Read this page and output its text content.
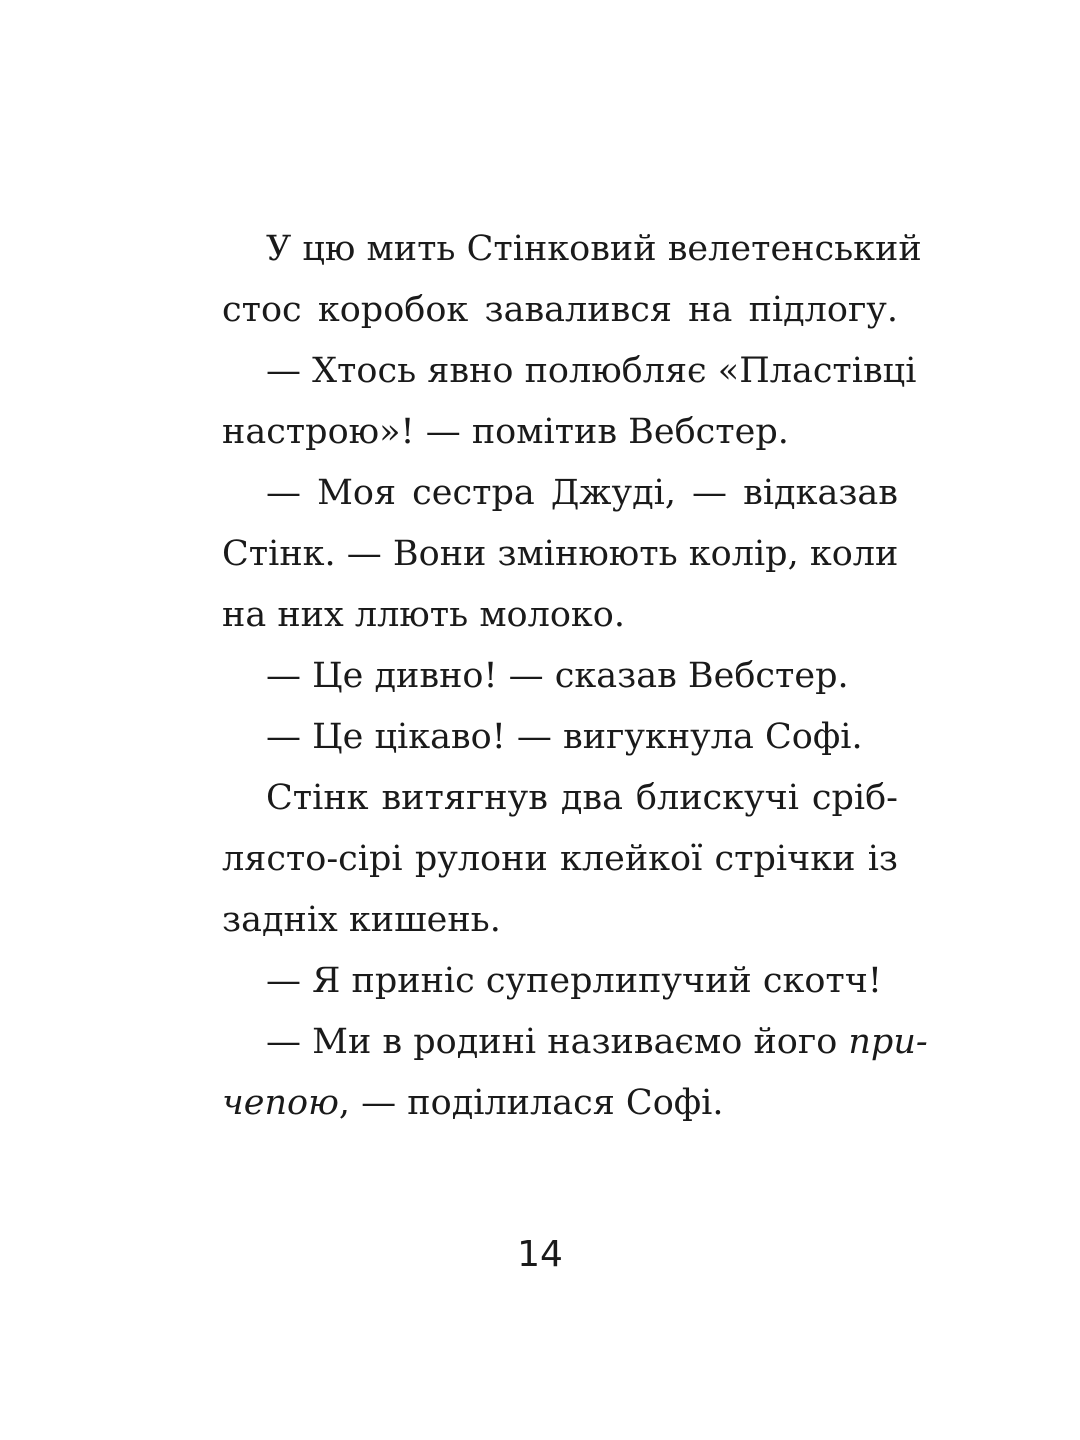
У цю мить Стінковий велетенський
стос коробок завалився на підлогу.
— Хтось явно полюбляє «Пластівці
настрою»! — помітив Вебстер.
— Моя сестра Джуді, — відказав
Стінк. — Вони змінюють колір, коли
на них ллють молоко.
— Це дивно! — сказав Вебстер.
— Це цікаво! — вигукнула Софі.
Стінк витягнув два блискучі сріб-
лясто-сірі рулони клейкої стрічки із
задніх кишень.
— Я приніс суперлипучий скотч!
— Ми в родині називаємо його при-
чепою, — поділилася Софі.
14
